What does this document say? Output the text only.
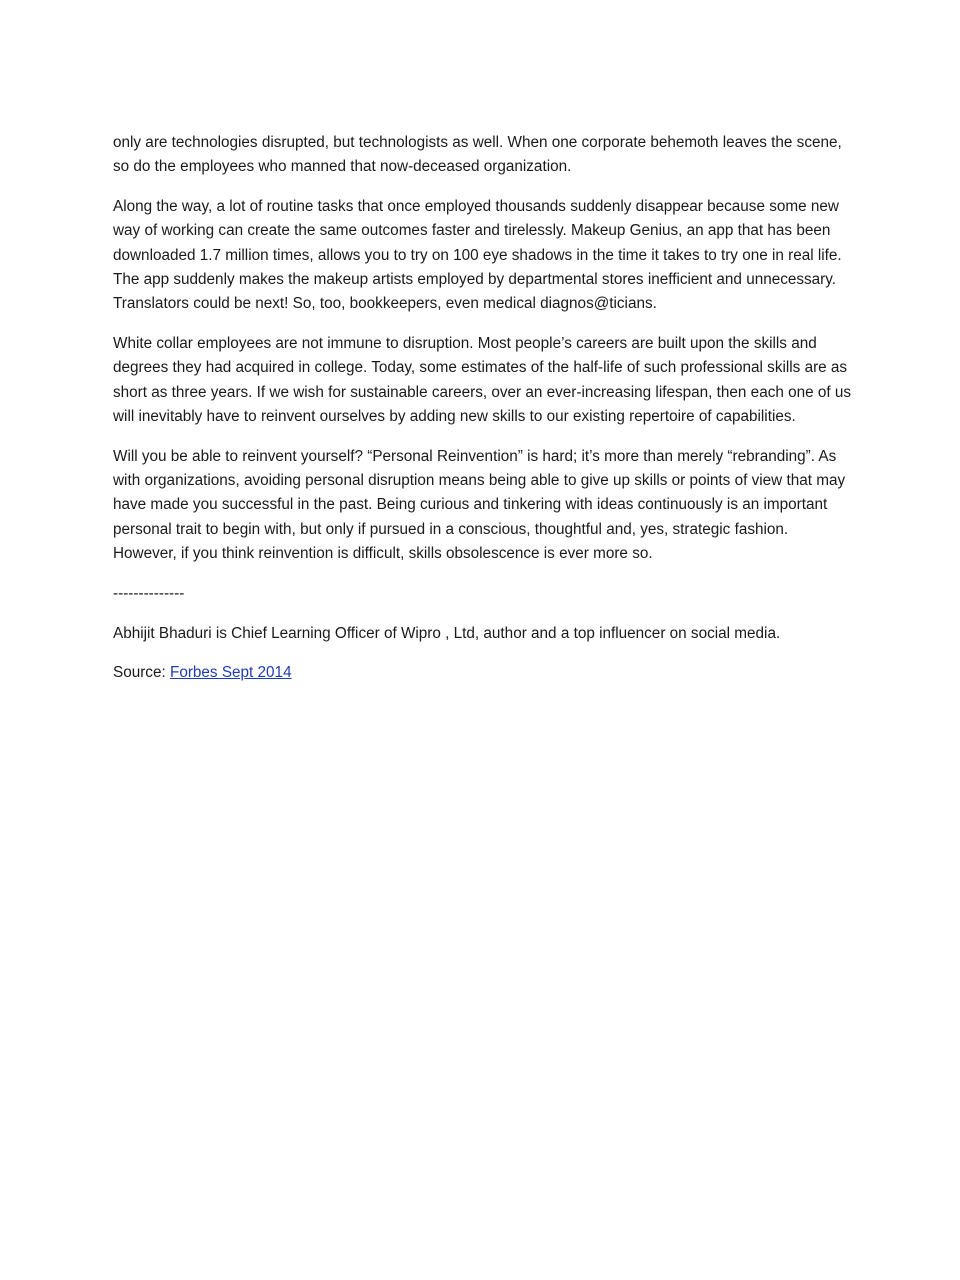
only are technologies disrupted, but technologists as well. When one corporate behemoth leaves the scene, so do the employees who manned that now-deceased organization.

Along the way, a lot of routine tasks that once employed thousands suddenly disappear because some new way of working can create the same outcomes faster and tirelessly. Makeup Genius, an app that has been downloaded 1.7 million times, allows you to try on 100 eye shadows in the time it takes to try one in real life. The app suddenly makes the makeup artists employed by departmental stores inefficient and unnecessary. Translators could be next! So, too, bookkeepers, even medical diagnos@ticians.

White collar employees are not immune to disruption. Most people’s careers are built upon the skills and degrees they had acquired in college. Today, some estimates of the half-life of such professional skills are as short as three years. If we wish for sustainable careers, over an ever-increasing lifespan, then each one of us will inevitably have to reinvent ourselves by adding new skills to our existing repertoire of capabilities.

Will you be able to reinvent yourself? “Personal Reinvention” is hard; it’s more than merely “rebranding”. As with organizations, avoiding personal disruption means being able to give up skills or points of view that may have made you successful in the past. Being curious and tinkering with ideas continuously is an important personal trait to begin with, but only if pursued in a conscious, thoughtful and, yes, strategic fashion. However, if you think reinvention is difficult, skills obsolescence is ever more so.

--------------

Abhijit Bhaduri is Chief Learning Officer of Wipro , Ltd, author and a top influencer on social media.

Source: Forbes Sept 2014
